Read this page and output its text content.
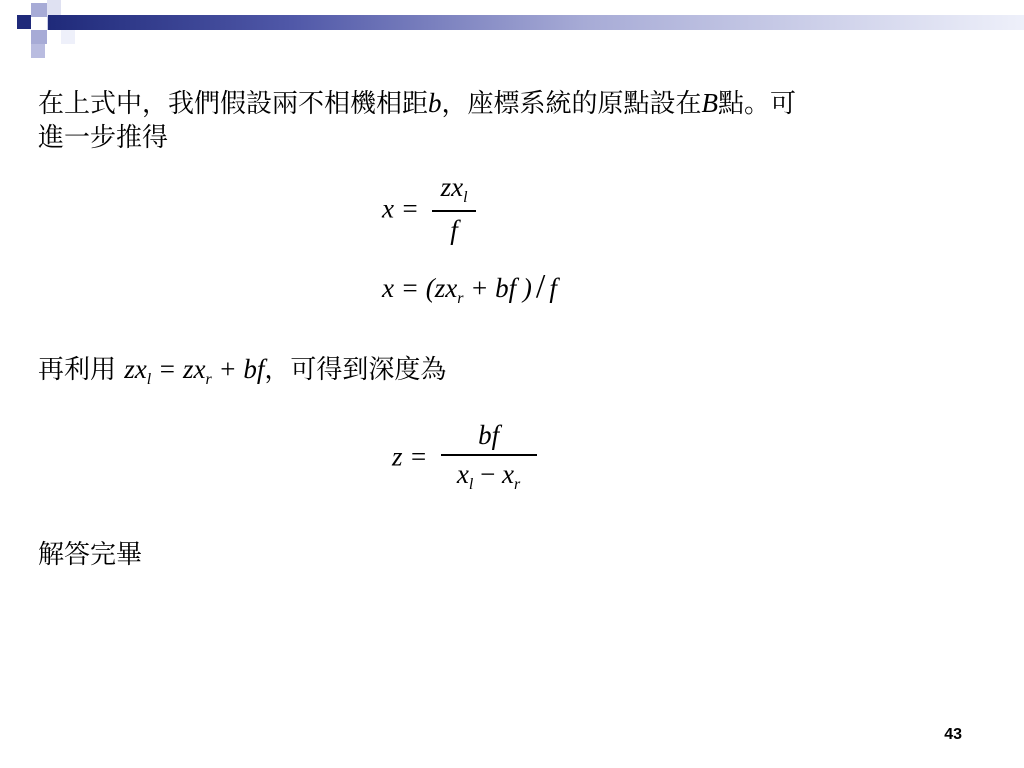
在上式中，我們假設兩不相機相距b，座標系統的原點設在B點。可
進一步推得
$x = \frac{\text{zxl}}{f}$
x = (zxr + bf ) / f
再利用 $zx_l = zx_r$ + bf，可得到深度為
$z = \frac{bf}{xl - xr}$
解答完畢
43
